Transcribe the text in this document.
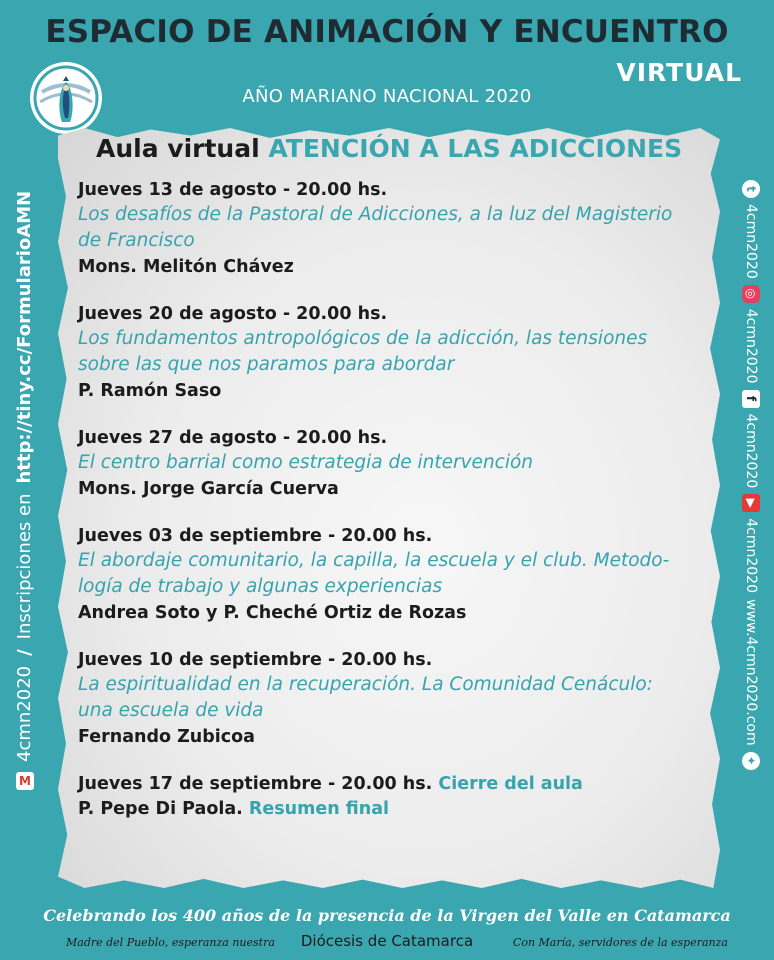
ESPACIO DE ANIMACIÓN Y ENCUENTRO
VIRTUAL
AÑO MARIANO NACIONAL 2020
Aula virtual ATENCIÓN A LAS ADICCIONES
Jueves 13 de agosto - 20.00 hs.
Los desafíos de la Pastoral de Adicciones, a la luz del Magisterio
de Francisco
Mons. Melitón Chávez
Jueves 20 de agosto - 20.00 hs.
Los fundamentos antropológicos de la adicción, las tensiones
sobre las que nos paramos para abordar
P. Ramón Saso
Jueves 27 de agosto - 20.00 hs.
El centro barrial como estrategia de intervención
Mons. Jorge García Cuerva
Jueves 03 de septiembre - 20.00 hs.
El abordaje comunitario, la capilla, la escuela y el club. Metodo-
logía de trabajo y algunas experiencias
Andrea Soto y P. Cheché Ortiz de Rozas
Jueves 10 de septiembre - 20.00 hs.
La espiritualidad en la recuperación. La Comunidad Cenáculo:
una escuela de vida
Fernando Zubicoa
Jueves 17 de septiembre - 20.00 hs. Cierre del aula
P. Pepe Di Paola. Resumen final
M
4cmn2020
/
Inscripciones en
http://tiny.cc/FormularioAMN
t
4cmn2020
◎
4cmn2020
f
4cmn2020
▶
4cmn2020
www.4cmn2020.com
✦
Celebrando los 400 años de la presencia de la Virgen del Valle en Catamarca
Madre del Pueblo, esperanza nuestra	Diócesis de Catamarca	Con María, servidores de la esperanza
